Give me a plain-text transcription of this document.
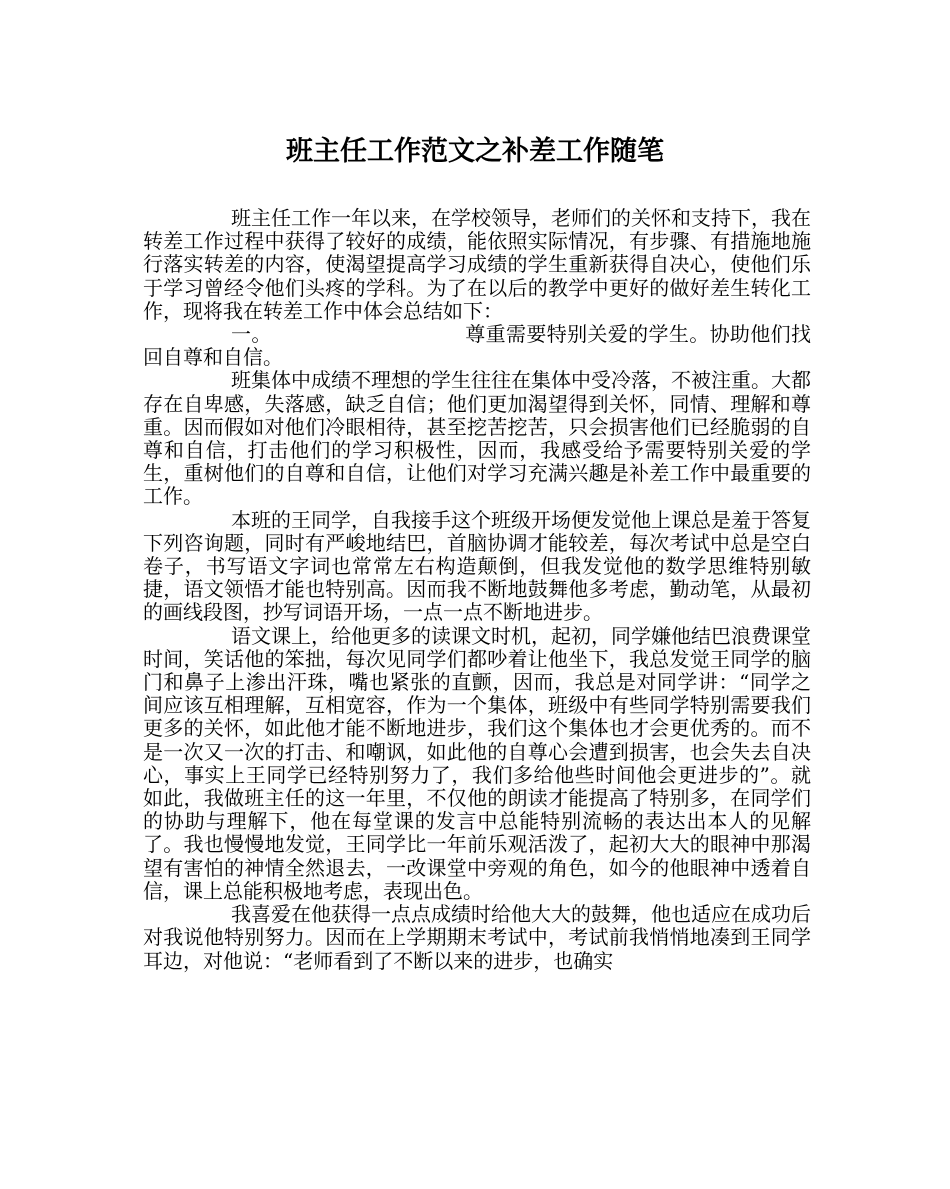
班主任工作范文之补差工作随笔

班主任工作一年以来，在学校领导，老师们的关怀和支持下，我在转差工作过程中获得了较好的成绩，能依照实际情况，有步骤、有措施地施行落实转差的内容，使渴望提高学习成绩的学生重新获得自决心，使他们乐于学习曾经令他们头疼的学科。为了在以后的教学中更好的做好差生转化工作，现将我在转差工作中体会总结如下：

一。　　　　　　　　　　尊重需要特别关爱的学生。协助他们找回自尊和自信。

班集体中成绩不理想的学生往往在集体中受冷落，不被注重。大都存在自卑感，失落感，缺乏自信；他们更加渴望得到关怀，同情、理解和尊重。因而假如对他们冷眼相待，甚至挖苦挖苦，只会损害他们已经脆弱的自尊和自信，打击他们的学习积极性，因而，我感受给予需要特别关爱的学生，重树他们的自尊和自信，让他们对学习充满兴趣是补差工作中最重要的工作。

本班的王同学，自我接手这个班级开场便发觉他上课总是羞于答复下列咨询题，同时有严峻地结巴，首脑协调才能较差，每次考试中总是空白卷子，书写语文字词也常常左右构造颠倒，但我发觉他的数学思维特别敏捷，语文领悟才能也特别高。因而我不断地鼓舞他多考虑，勤动笔，从最初的画线段图，抄写词语开场，一点一点不断地进步。

语文课上，给他更多的读课文时机，起初，同学嫌他结巴浪费课堂时间，笑话他的笨拙，每次见同学们都吵着让他坐下，我总发觉王同学的脑门和鼻子上渗出汗珠，嘴也紧张的直颤，因而，我总是对同学讲：“同学之间应该互相理解，互相宽容，作为一个集体，班级中有些同学特别需要我们更多的关怀，如此他才能不断地进步，我们这个集体也才会更优秀的。而不是一次又一次的打击、和嘲讽，如此他的自尊心会遭到损害，也会失去自决心，事实上王同学已经特别努力了，我们多给他些时间他会更进步的”。就如此，我做班主任的这一年里，不仅他的朗读才能提高了特别多，在同学们的协助与理解下，他在每堂课的发言中总能特别流畅的表达出本人的见解了。我也慢慢地发觉，王同学比一年前乐观活泼了，起初大大的眼神中那渴望有害怕的神情全然退去，一改课堂中旁观的角色，如今的他眼神中透着自信，课上总能积极地考虑，表现出色。

我喜爱在他获得一点点成绩时给他大大的鼓舞，他也适应在成功后对我说他特别努力。因而在上学期期末考试中，考试前我悄悄地凑到王同学耳边，对他说：“老师看到了不断以来的进步，也确实
